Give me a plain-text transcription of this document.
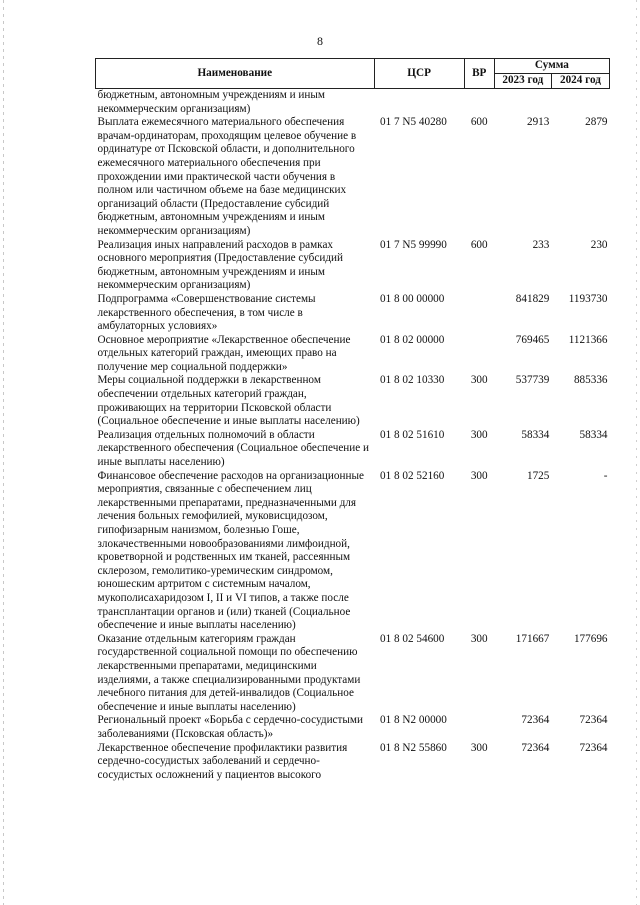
8
Наименование	ЦСР	ВР	Сумма	
			2023 год	2024 год
бюджетным, автономным учреждениям и иным некоммерческим организациям)				
Выплата ежемесячного материального обеспечения врачам-ординаторам, проходящим целевое обучение в ординатуре от Псковской области, и дополнительного ежемесячного материального обеспечения при прохождении ими практической части обучения в полном или частичном объеме на базе медицинских организаций области (Предоставление субсидий бюджетным, автономным учреждениям и иным некоммерческим организациям)	01 7 N5 40280	600	2913	2879
Реализация иных направлений расходов в рамках основного мероприятия (Предоставление субсидий бюджетным, автономным учреждениям и иным некоммерческим организациям)	01 7 N5 99990	600	233	230
Подпрограмма «Совершенствование системы лекарственного обеспечения, в том числе в амбулаторных условиях»	01 8 00 00000		841829	1193730
Основное мероприятие «Лекарственное обеспечение отдельных категорий граждан, имеющих право на получение мер социальной поддержки»	01 8 02 00000		769465	1121366
Меры социальной поддержки в лекарственном обеспечении отдельных категорий граждан, проживающих на территории Псковской области (Социальное обеспечение и иные выплаты населению)	01 8 02 10330	300	537739	885336
Реализация отдельных полномочий в области лекарственного обеспечения (Социальное обеспечение и иные выплаты населению)	01 8 02 51610	300	58334	58334
Финансовое обеспечение расходов на организационные мероприятия, связанные с обеспечением лиц лекарственными препаратами, предназначенными для лечения больных гемофилией, муковисцидозом, гипофизарным нанизмом, болезнью Гоше, злокачественными новообразованиями лимфоидной, кроветворной и родственных им тканей, рассеянным склерозом, гемолитико-уремическим синдромом, юношеским артритом с системным началом, мукополисахаридозом I, II и VI типов, а также после трансплантации органов и (или) тканей (Социальное обеспечение и иные выплаты населению)	01 8 02 52160	300	1725	-
Оказание отдельным категориям граждан государственной социальной помощи по обеспечению лекарственными препаратами, медицинскими изделиями, а также специализированными продуктами лечебного питания для детей-инвалидов (Социальное обеспечение и иные выплаты населению)	01 8 02 54600	300	171667	177696
Региональный проект «Борьба с сердечно-сосудистыми заболеваниями (Псковская область)»	01 8 N2 00000		72364	72364
Лекарственное обеспечение профилактики развития сердечно-сосудистых заболеваний и сердечно-сосудистых осложнений у пациентов высокого	01 8 N2 55860	300	72364	72364
